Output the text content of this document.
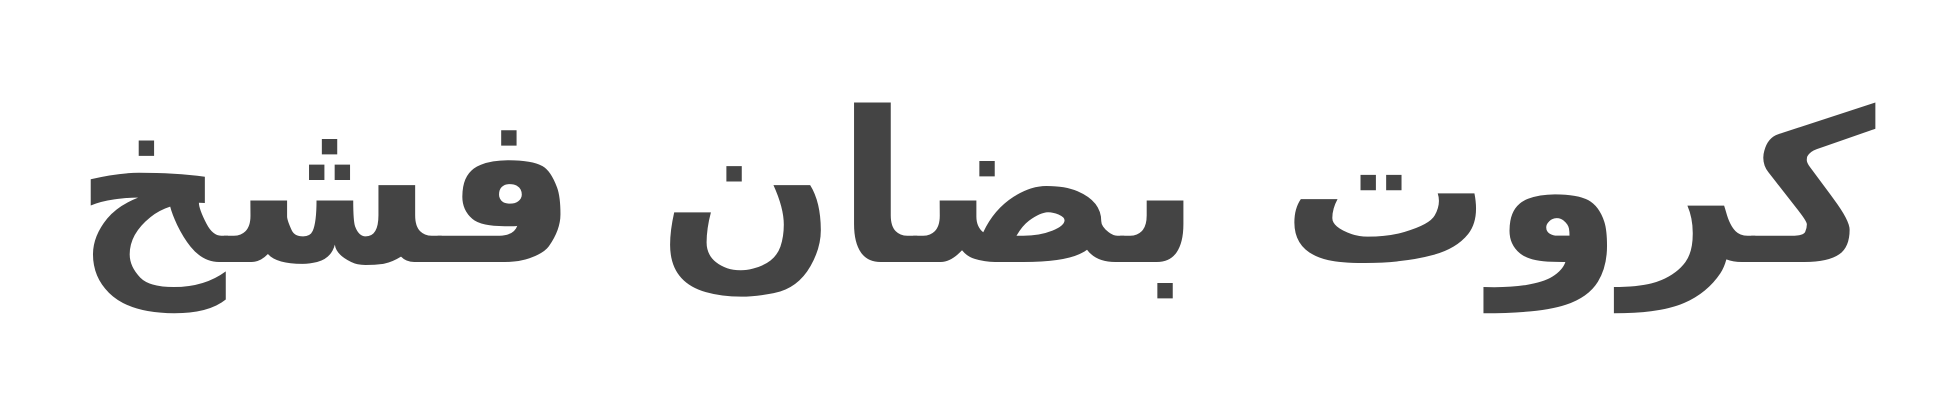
كروت
بضان
فشخ
